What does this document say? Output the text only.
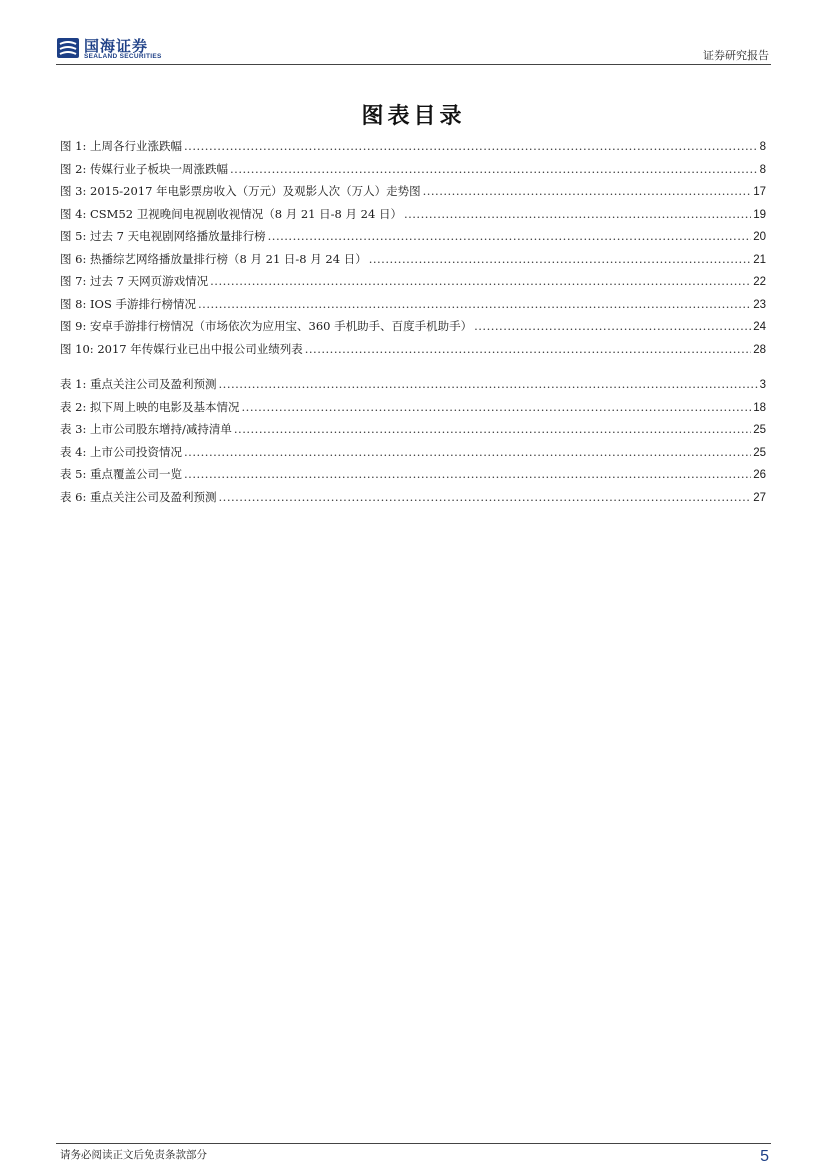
国海证券
SEALAND SECURITIES	证券研究报告
图表目录
图 1: 上周各行业涨跌幅 .....	8
图 2: 传媒行业子板块一周涨跌幅 .....	8
图 3: 2015-2017 年电影票房收入（万元）及观影人次（万人）走势图 .....	17
图 4: CSM52 卫视晚间电视剧收视情况（8 月 21 日-8 月 24 日） .....	19
图 5: 过去 7 天电视剧网络播放量排行榜 .....	20
图 6: 热播综艺网络播放量排行榜（8 月 21 日-8 月 24 日） .....	21
图 7: 过去 7 天网页游戏情况 .....	22
图 8: IOS 手游排行榜情况 .....	23
图 9: 安卓手游排行榜情况（市场依次为应用宝、360 手机助手、百度手机助手） .....	24
图 10: 2017 年传媒行业已出中报公司业绩列表 .....	28
表 1: 重点关注公司及盈利预测 .....	3
表 2: 拟下周上映的电影及基本情况 .....	18
表 3: 上市公司股东增持/减持清单 .....	25
表 4: 上市公司投资情况 .....	25
表 5: 重点覆盖公司一览 .....	26
表 6: 重点关注公司及盈利预测 .....	27
请务必阅读正文后免责条款部分	5
